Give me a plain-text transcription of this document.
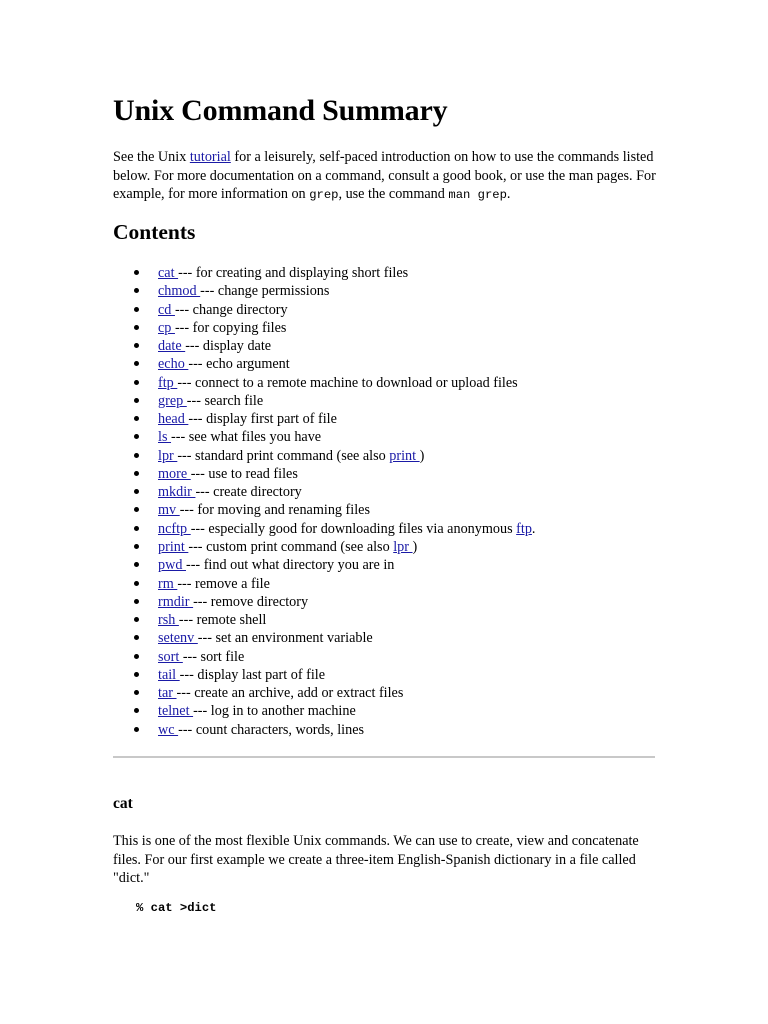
Unix Command Summary

See the Unix tutorial for a leisurely, self-paced introduction on how to use the commands listed below. For more documentation on a command, consult a good book, or use the man pages. For example, for more information on grep, use the command man grep.

Contents
cat --- for creating and displaying short files
chmod --- change permissions
cd --- change directory
cp --- for copying files
date --- display date
echo --- echo argument
ftp --- connect to a remote machine to download or upload files
grep --- search file
head --- display first part of file
ls --- see what files you have
lpr --- standard print command (see also print )
more --- use to read files
mkdir --- create directory
mv --- for moving and renaming files
ncftp --- especially good for downloading files via anonymous ftp.
print --- custom print command (see also lpr )
pwd --- find out what directory you are in
rm --- remove a file
rmdir --- remove directory
rsh --- remote shell
setenv --- set an environment variable
sort --- sort file
tail --- display last part of file
tar --- create an archive, add or extract files
telnet --- log in to another machine
wc --- count characters, words, lines
cat

This is one of the most flexible Unix commands. We can use to create, view and concatenate files. For our first example we create a three-item English-Spanish dictionary in a file called "dict."

% cat >dict
